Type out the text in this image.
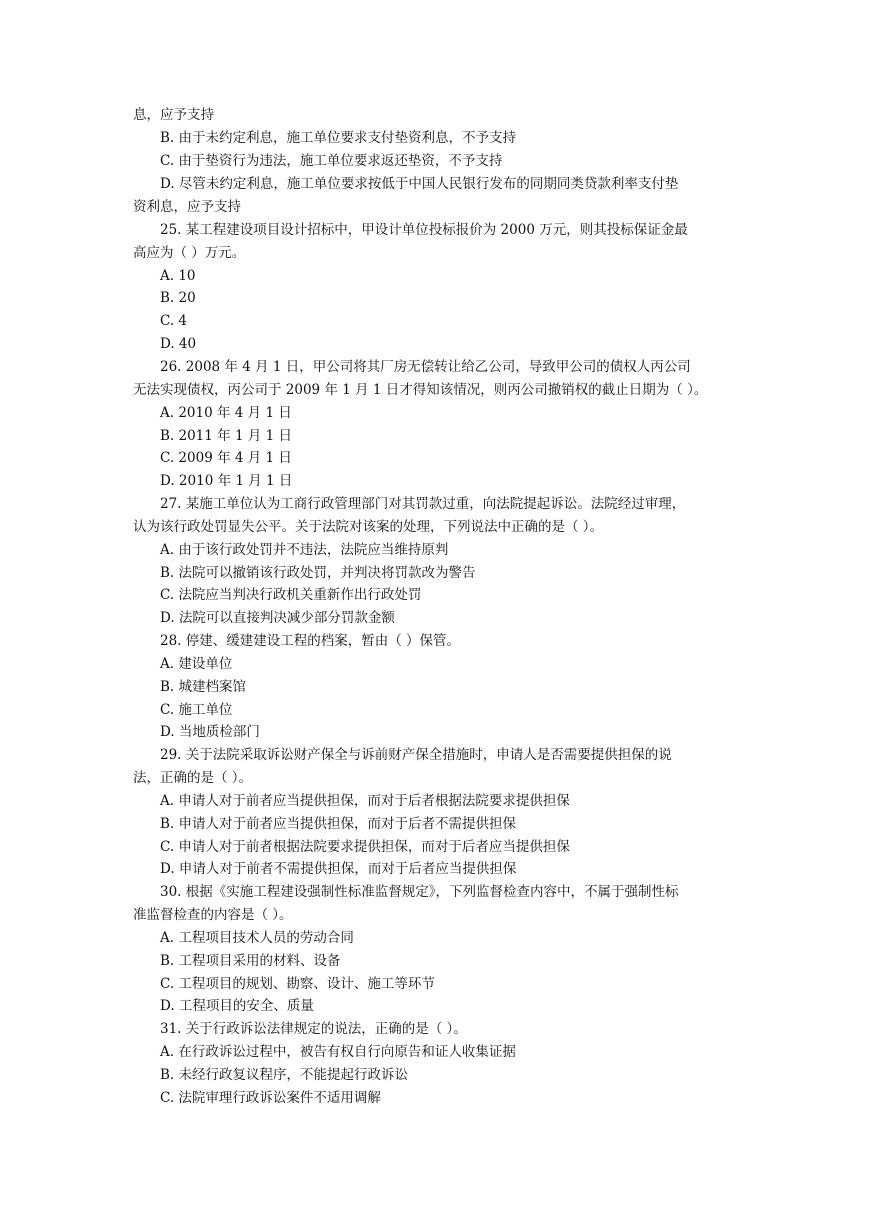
息，应予支持
B. 由于未约定利息，施工单位要求支付垫资利息，不予支持
C. 由于垫资行为违法，施工单位要求返还垫资，不予支持
D. 尽管未约定利息，施工单位要求按低于中国人民银行发布的同期同类贷款利率支付垫
资利息，应予支持
25. 某工程建设项目设计招标中，甲设计单位投标报价为 2000 万元，则其投标保证金最
高应为（ ）万元。
A. 10
B. 20
C. 4
D. 40
26. 2008 年 4 月 1 日，甲公司将其厂房无偿转让给乙公司，导致甲公司的债权人丙公司
无法实现债权，丙公司于 2009 年 1 月 1 日才得知该情况，则丙公司撤销权的截止日期为（ ）。
A. 2010 年 4 月 1 日
B. 2011 年 1 月 1 日
C. 2009 年 4 月 1 日
D. 2010 年 1 月 1 日
27. 某施工单位认为工商行政管理部门对其罚款过重，向法院提起诉讼。法院经过审理，
认为该行政处罚显失公平。关于法院对该案的处理，下列说法中正确的是（ ）。
A. 由于该行政处罚并不违法，法院应当维持原判
B. 法院可以撤销该行政处罚，并判决将罚款改为警告
C. 法院应当判决行政机关重新作出行政处罚
D. 法院可以直接判决减少部分罚款金额
28. 停建、缓建建设工程的档案，暂由（ ）保管。
A. 建设单位
B. 城建档案馆
C. 施工单位
D. 当地质检部门
29. 关于法院采取诉讼财产保全与诉前财产保全措施时，申请人是否需要提供担保的说
法，正确的是（ ）。
A. 申请人对于前者应当提供担保，而对于后者根据法院要求提供担保
B. 申请人对于前者应当提供担保，而对于后者不需提供担保
C. 申请人对于前者根据法院要求提供担保，而对于后者应当提供担保
D. 申请人对于前者不需提供担保，而对于后者应当提供担保
30. 根据《实施工程建设强制性标准监督规定》，下列监督检查内容中，不属于强制性标
准监督检查的内容是（ ）。
A. 工程项目技术人员的劳动合同
B. 工程项目采用的材料、设备
C. 工程项目的规划、勘察、设计、施工等环节
D. 工程项目的安全、质量
31. 关于行政诉讼法律规定的说法，正确的是（ ）。
A. 在行政诉讼过程中，被告有权自行向原告和证人收集证据
B. 未经行政复议程序，不能提起行政诉讼
C. 法院审理行政诉讼案件不适用调解
